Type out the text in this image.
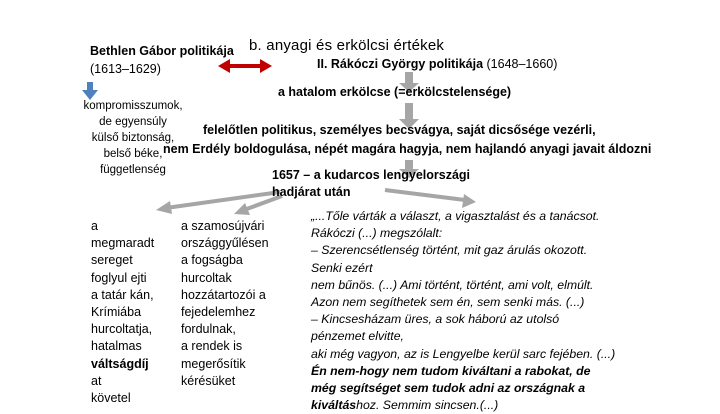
Bethlen Gábor politikája
(1613–1629)
b. anyagi és erkölcsi értékek
II. Rákóczi György politikája (1648–1660)
kompromisszumok,
de egyensúly
külső biztonság,
belső béke,
függetlenség
a hatalom erkölcse (=erkölcstelensége)
felelőtlen politikus, személyes becsvágya, saját dicsősége vezérli,
nem Erdély boldogulása, népét magára hagyja, nem hajlandó anyagi javait áldozni
1657 – a kudarcos lengyelországi
hadjárat után
a
megmaradt
sereget
foglyul ejti
a tatár kán,
Krímiába
hurcoltatja,
hatalmas
váltságdíj
at
követel
a szamosújvári
országgyűlésen
a fogságba
hurcoltak
hozzátartozói a
fejedelemhez
fordulnak,
a rendek is
megerősítik
kérésüket
„...Tőle várták a választ, a vigasztalást és a tanácsot.
Rákóczi (...) megszólalt:
– Szerencsétlenség történt, mit gaz árulás okozott.
Senki ezért
nem bűnös. (...) Ami történt, történt, ami volt, elmúlt.
Azon nem segíthetek sem én, sem senki más. (...)
– Kincsesházam üres, a sok háború az utolsó
pénzemet elvitte,
aki még vagyon, az is Lengyelbe kerül sarc fejében. (...)
Én nem-hogy nem tudom kiváltani a rabokat, de
még segítséget sem tudok adni az országnak a
kiváltáshoz. Semmim sincsen.(...)
